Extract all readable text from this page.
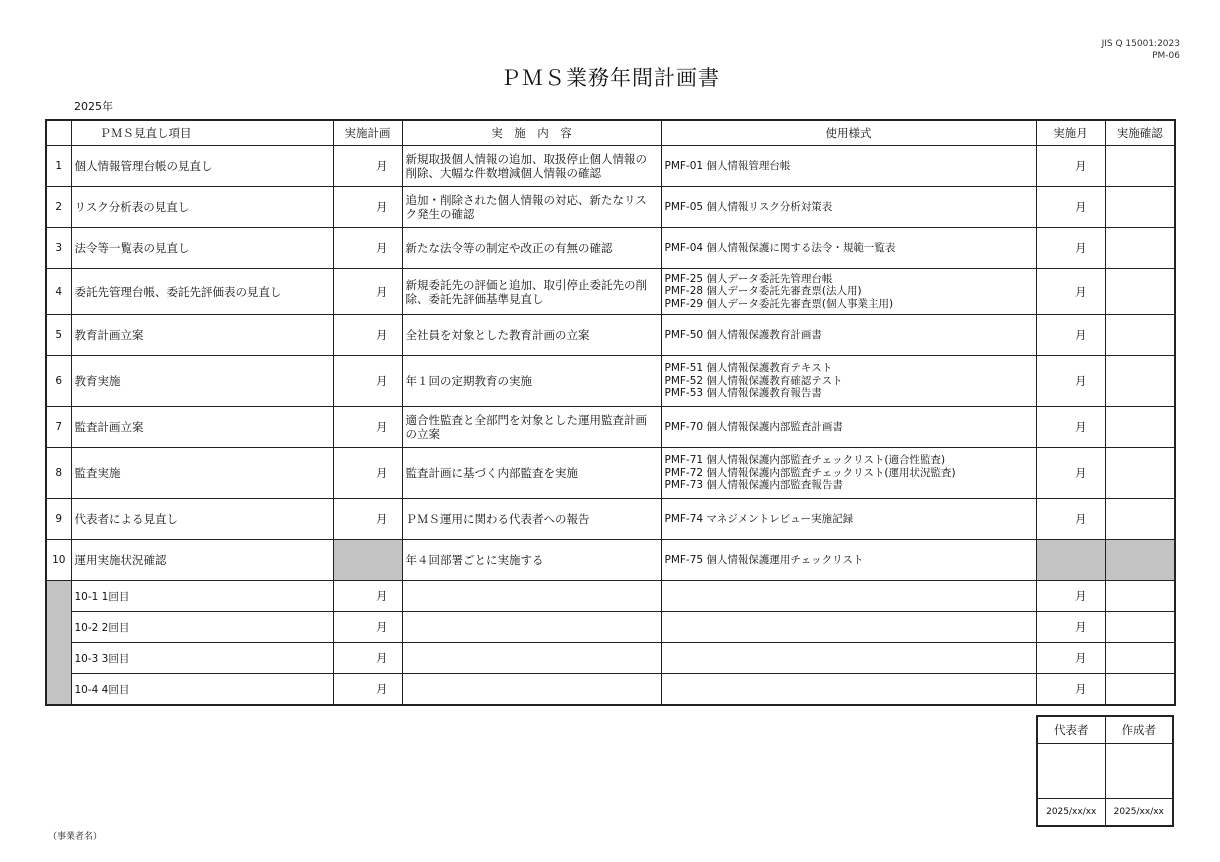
JIS Q 15001:2023
PM-06
ＰＭＳ業務年間計画書
2025年
	ＰＭＳ見直し項目	実施計画	実　施　内　容	使用様式	実施月	実施確認
1	個人情報管理台帳の見直し	月	新規取扱個人情報の追加、取扱停止個人情報の削除、大幅な件数増減個人情報の確認	PMF-01 個人情報管理台帳	月	
2	リスク分析表の見直し	月	追加・削除された個人情報の対応、新たなリスク発生の確認	PMF-05 個人情報リスク分析対策表	月	
3	法令等一覧表の見直し	月	新たな法令等の制定や改正の有無の確認	PMF-04 個人情報保護に関する法令・規範一覧表	月	
4	委託先管理台帳、委託先評価表の見直し	月	新規委託先の評価と追加、取引停止委託先の削除、委託先評価基準見直し	PMF-25 個人データ委託先管理台帳
PMF-28 個人データ委託先審査票(法人用)
PMF-29 個人データ委託先審査票(個人事業主用)	月	
5	教育計画立案	月	全社員を対象とした教育計画の立案	PMF-50 個人情報保護教育計画書	月	
6	教育実施	月	年１回の定期教育の実施	PMF-51 個人情報保護教育テキスト
PMF-52 個人情報保護教育確認テスト
PMF-53 個人情報保護教育報告書	月	
7	監査計画立案	月	適合性監査と全部門を対象とした運用監査計画の立案	PMF-70 個人情報保護内部監査計画書	月	
8	監査実施	月	監査計画に基づく内部監査を実施	PMF-71 個人情報保護内部監査チェックリスト(適合性監査)
PMF-72 個人情報保護内部監査チェックリスト(運用状況監査)
PMF-73 個人情報保護内部監査報告書	月	
9	代表者による見直し	月	ＰＭＳ運用に関わる代表者への報告	PMF-74 マネジメントレビュー実施記録	月	
10	運用実施状況確認		年４回部署ごとに実施する	PMF-75 個人情報保護運用チェックリスト		

	10-1 1回目	月			月	
	10-2 2回目	月			月	
	10-3 3回目	月			月	
	10-4 4回目	月			月	
代表者	作成者

2025/xx/xx	2025/xx/xx
（事業者名）
